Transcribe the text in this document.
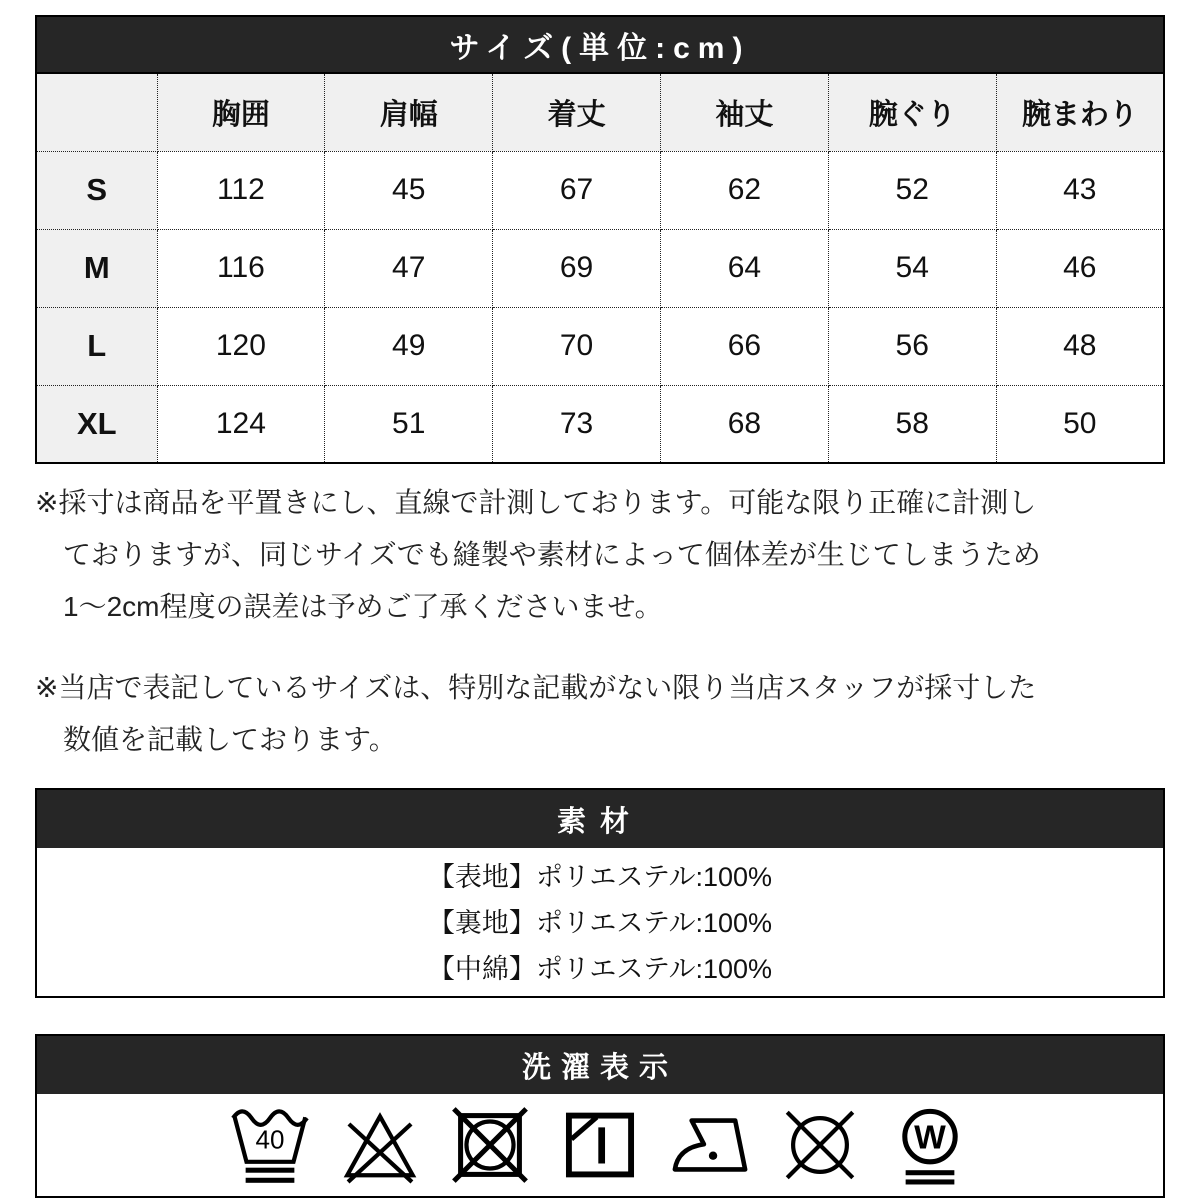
サイズ(単位:cm)						
	胸囲	肩幅	着丈	袖丈	腕ぐり	腕まわり
S	112	45	67	62	52	43
M	116	47	69	64	54	46
L	120	49	70	66	56	48
XL	124	51	73	68	58	50
※採寸は商品を平置きにし、直線で計測しております。可能な限り正確に計測し
ておりますが、同じサイズでも縫製や素材によって個体差が生じてしまうため
1〜2cm程度の誤差は予めご了承くださいませ。
※当店で表記しているサイズは、特別な記載がない限り当店スタッフが採寸した
数値を記載しております。
素材
【表地】ポリエステル:100%
【裏地】ポリエステル:100%
【中綿】ポリエステル:100%
洗濯表示
40	W
